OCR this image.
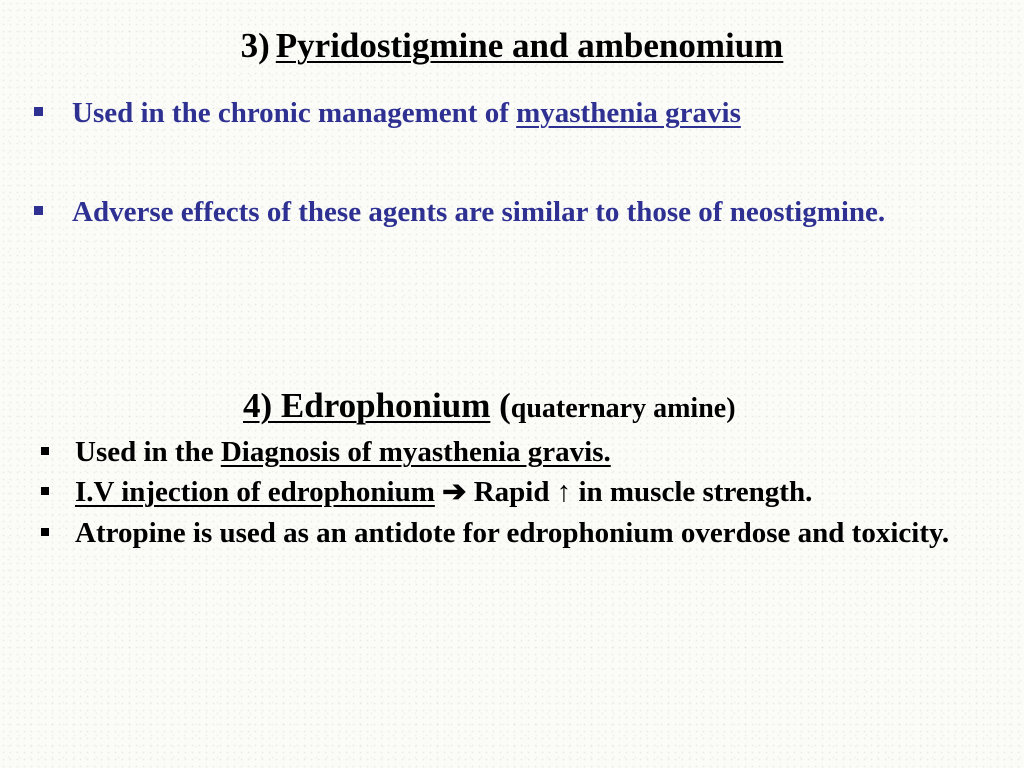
3) Pyridostigmine and ambenomium
Used in the chronic management of myasthenia gravis
Adverse effects of these agents are similar to those of neostigmine.
4) Edrophonium (quaternary amine)
Used in the Diagnosis of myasthenia gravis.
I.V injection of edrophonium ➔ Rapid ↑ in muscle strength.
Atropine is used as an antidote for edrophonium overdose and toxicity.
